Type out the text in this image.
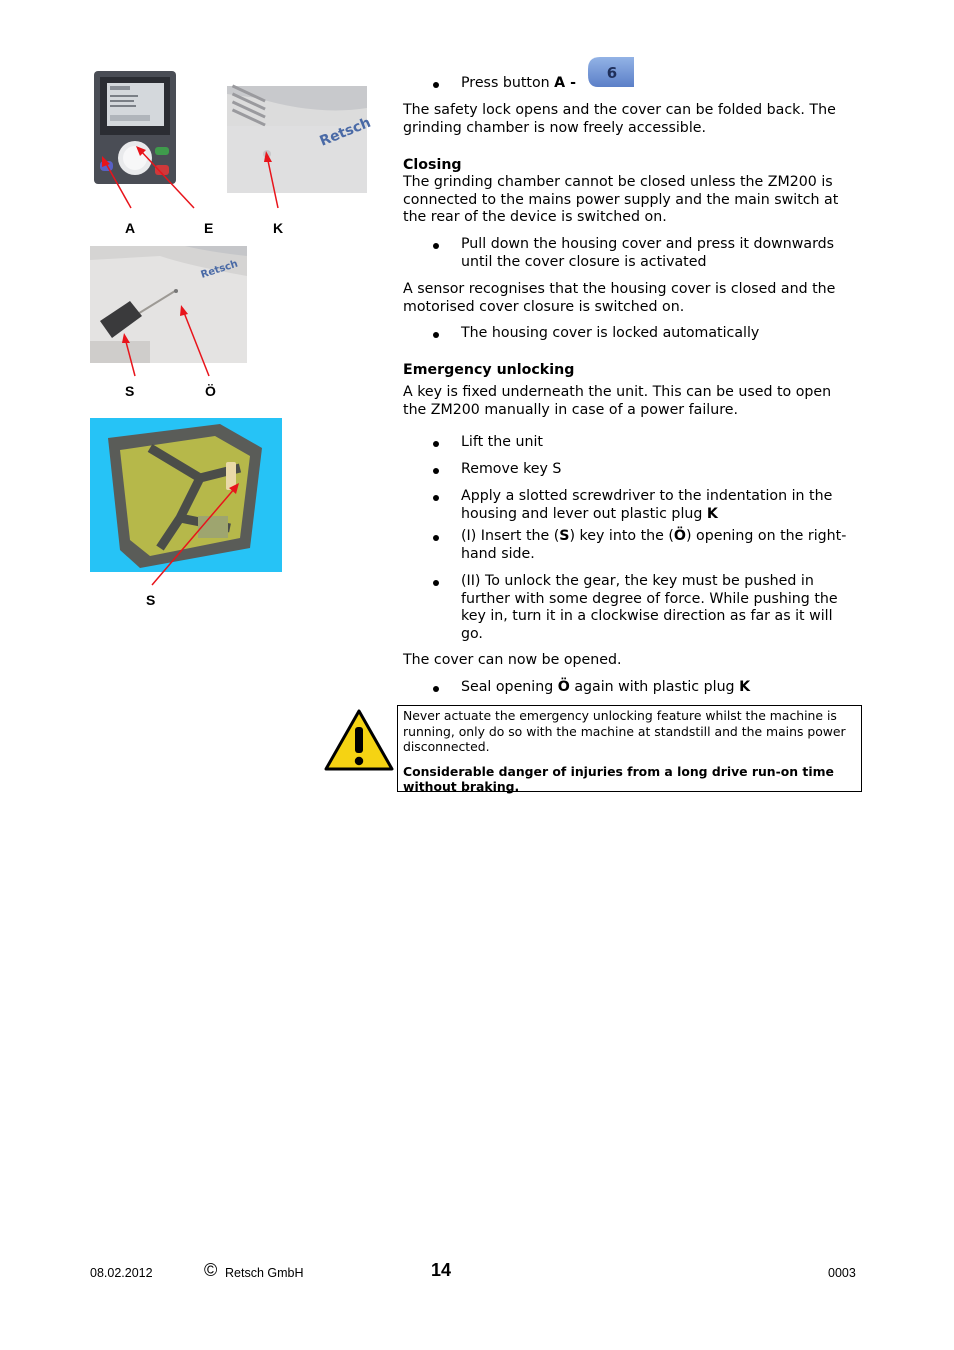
Retsch
A	E	K
Retsch
S	Ö
S
Press button A -
6
The safety lock opens and the cover can be folded back. The grinding chamber is now freely accessible.
Closing
The grinding chamber cannot be closed unless the ZM200 is connected to the mains power supply and the main switch at the rear of the device is switched on.
Pull down the housing cover and press it downwards until the cover closure is activated
A sensor recognises that the housing cover is closed and the motorised cover closure is switched on.
The housing cover is locked automatically
Emergency unlocking
A key is fixed underneath the unit. This can be used to open the ZM200 manually in case of a power failure.
Lift the unit
Remove key S
Apply a slotted screwdriver to the indentation in the housing and lever out plastic plug K
(I) Insert the (S) key into the (Ö) opening on the right-hand side.
(II) To unlock the gear, the key must be pushed in further with some degree of force. While pushing the key in, turn it in a clockwise direction as far as it will go.
The cover can now be opened.
Seal opening Ö again with plastic plug K
Never actuate the emergency unlocking feature whilst the machine is running, only do so with the machine at standstill and the mains power disconnected.
Considerable danger of injuries from a long drive run-on time without braking.
08.02.2012	© Retsch GmbH	14	0003
